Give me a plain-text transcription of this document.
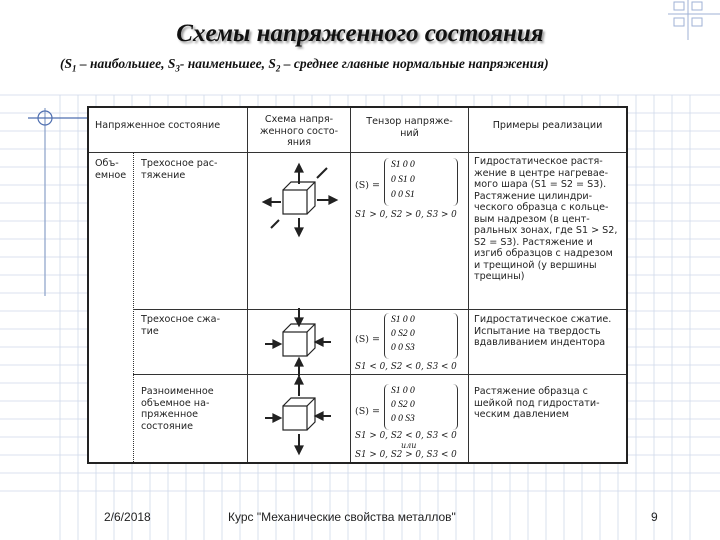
Схемы напряженного состояния
($S_1$ – наибольшее, $S_3-$ наименьшее, $S_2$ – среднее главные нормальные напряжения)
Напряженное состояние
Схема напря-
женного состо-
яния
Тензор напряже-
ний
Примеры реализации
Объ-
емное
Трехосное рас-
тяжение
(S) =
S1 0 0
0 S1 0
0 0 S1
S1 > 0, S2 > 0, S3 > 0
Гидростатическое растя-
жение в центре нагревае-
мого шара (S1 = S2 = S3).
Растяжение цилиндри-
ческого образца с кольце-
вым надрезом (в цент-
ральных зонах, где S1 > S2,
S2 = S3). Растяжение и
изгиб образцов с надрезом
и трещиной (у вершины
трещины)
Трехосное сжа-
тие
(S) =
S1 0 0
0 S2 0
0 0 S3
S1 < 0, S2 < 0, S3 < 0
Гидростатическое сжатие.
Испытание на твердость
вдавливанием индентора
Разноименное
объемное на-
пряженное
состояние
(S) =
S1 0 0
0 S2 0
0 0 S3
S1 > 0, S2 < 0, S3 < 0
или
S1 > 0, S2 > 0, S3 < 0
Растяжение образца с
шейкой под гидростати-
ческим давлением
2/6/2018	Курс "Механические свойства металлов"	9
